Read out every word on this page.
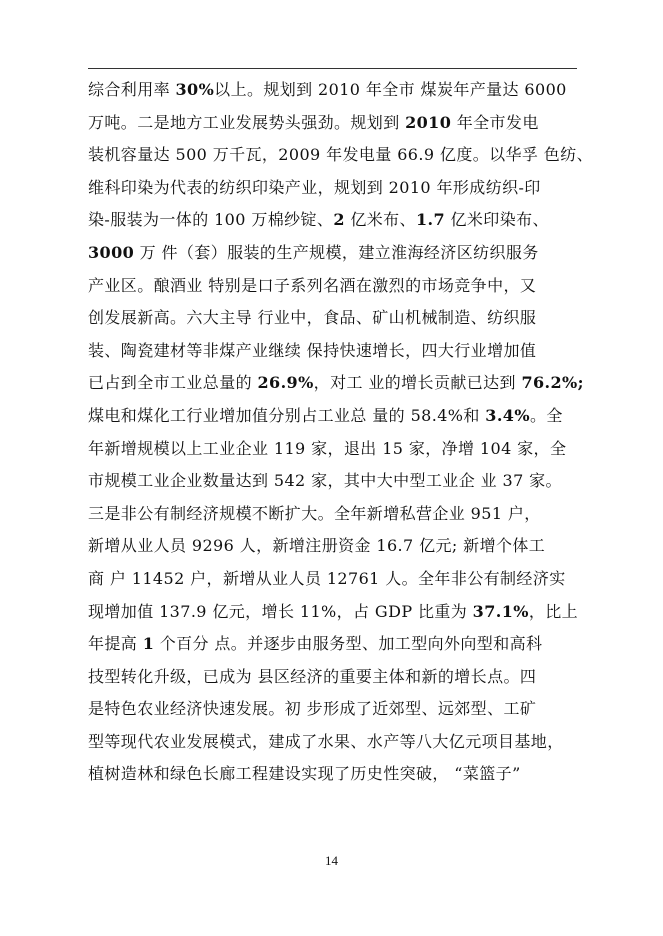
综合利用率 30%以上。规划到 2010 年全市 煤炭年产量达 6000
万吨。二是地方工业发展势头强劲。规划到 2010 年全市发电
装机容量达 500 万千瓦，2009 年发电量 66.9 亿度。以华孚 色纺、
维科印染为代表的纺织印染产业，规划到 2010 年形成纺织-印
染-服装为一体的 100 万棉纱锭、2 亿米布、1.7 亿米印染布、
3000 万 件（套）服装的生产规模，建立淮海经济区纺织服务
产业区。酿酒业 特别是口子系列名酒在激烈的市场竞争中，又
创发展新高。六大主导 行业中，食品、矿山机械制造、纺织服
装、陶瓷建材等非煤产业继续 保持快速增长，四大行业增加值
已占到全市工业总量的 26.9%，对工 业的增长贡献已达到 76.2%;
煤电和煤化工行业增加值分别占工业总 量的 58.4%和 3.4%。全
年新增规模以上工业企业 119 家，退出 15 家，净增 104 家，全
市规模工业企业数量达到 542 家，其中大中型工业企 业 37 家。
三是非公有制经济规模不断扩大。全年新增私营企业 951 户，
新增从业人员 9296 人，新增注册资金 16.7 亿元; 新增个体工
商 户 11452 户，新增从业人员 12761 人。全年非公有制经济实
现增加值 137.9 亿元，增长 11%，占 GDP 比重为 37.1%，比上
年提高 1 个百分 点。并逐步由服务型、加工型向外向型和高科
技型转化升级，已成为 县区经济的重要主体和新的增长点。四
是特色农业经济快速发展。初 步形成了近郊型、远郊型、工矿
型等现代农业发展模式，建成了水果、水产等八大亿元项目基地，
植树造林和绿色长廊工程建设实现了历史性突破， “菜篮子”
14
